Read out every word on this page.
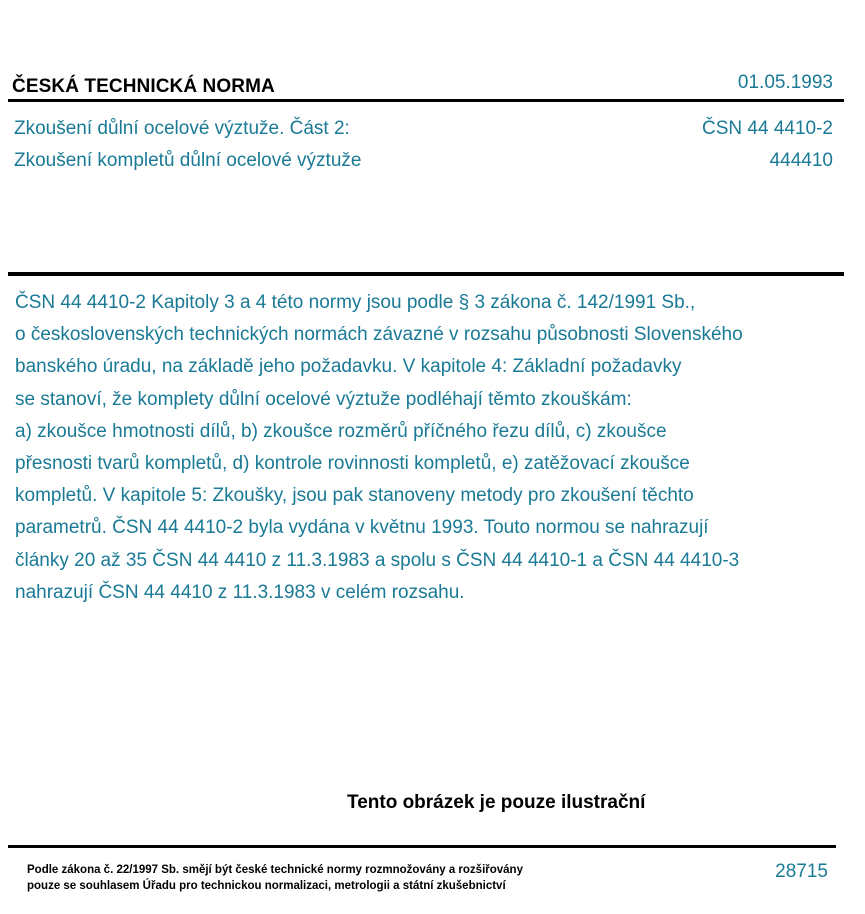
ČESKÁ TECHNICKÁ NORMA	01.05.1993
Zkoušení důlní ocelové výztuže. Část 2:
Zkoušení kompletů důlní ocelové výztuže
ČSN 44 4410-2
444410
ČSN 44 4410-2 Kapitoly 3 a 4 této normy jsou podle § 3 zákona č. 142/1991 Sb.,
o československých technických normách závazné v rozsahu působnosti Slovenského
banského úradu, na základě jeho požadavku. V kapitole 4: Základní požadavky
se stanoví, že komplety důlní ocelové výztuže podléhají těmto zkouškám:
a) zkoušce hmotnosti dílů, b) zkoušce rozměrů příčného řezu dílů, c) zkoušce
přesnosti tvarů kompletů, d) kontrole rovinnosti kompletů, e) zatěžovací zkoušce
kompletů. V kapitole 5: Zkoušky, jsou pak stanoveny metody pro zkoušení těchto
parametrů. ČSN 44 4410-2 byla vydána v květnu 1993. Touto normou se nahrazují
články 20 až 35 ČSN 44 4410 z 11.3.1983 a spolu s ČSN 44 4410-1 a ČSN 44 4410-3
nahrazují ČSN 44 4410 z 11.3.1983 v celém rozsahu.
Tento obrázek je pouze ilustrační
Podle zákona č. 22/1997 Sb. smějí být české technické normy rozmnožovány a rozšiřovány
pouze se souhlasem Úřadu pro technickou normalizaci, metrologii a státní zkušebnictví
28715
